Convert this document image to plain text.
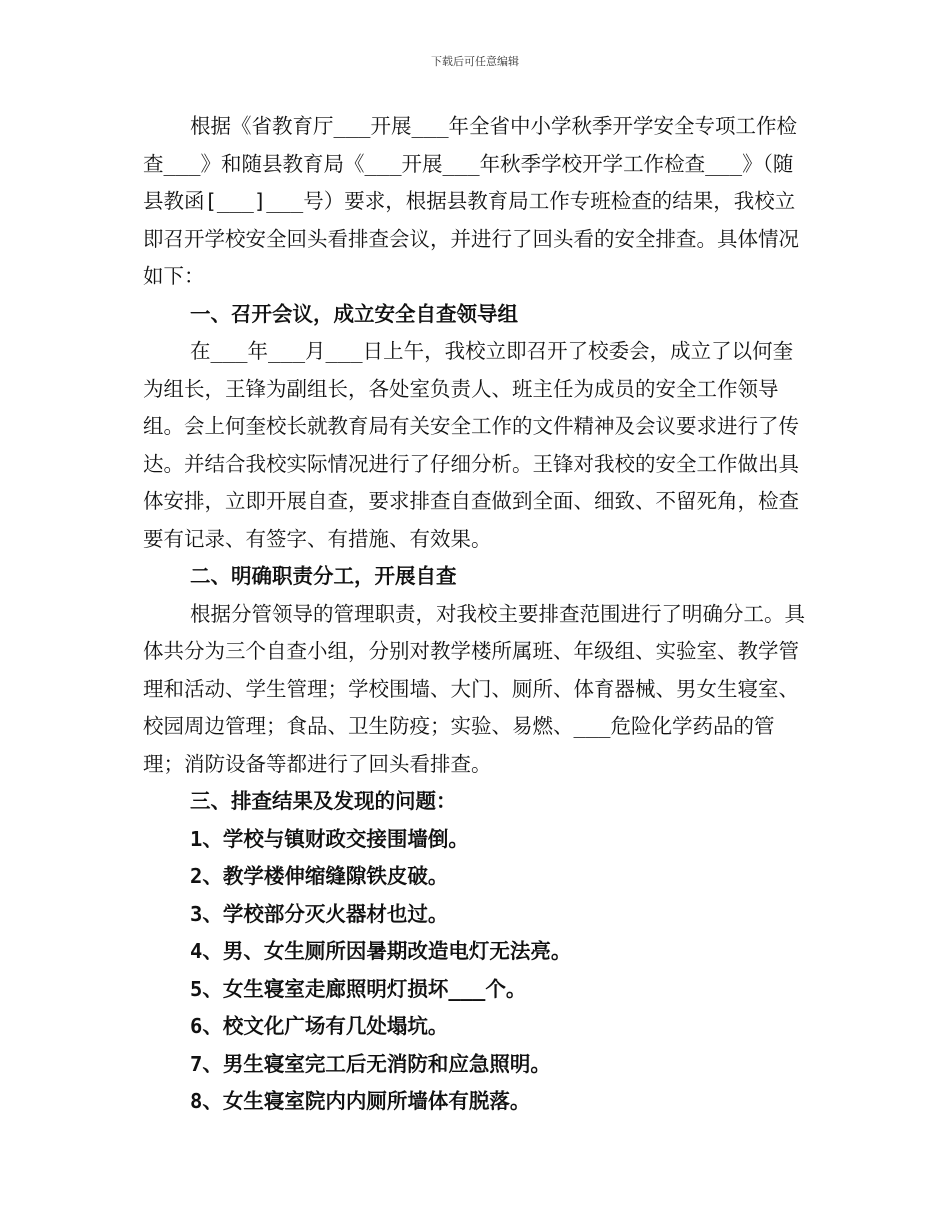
下载后可任意编辑

根据《省教育厅___开展___年全省中小学秋季开学安全专项工作检查___》和随县教育局《___开展___年秋季学校开学工作检查___》（随县教函[___]___号）要求，根据县教育局工作专班检查的结果，我校立即召开学校安全回头看排查会议，并进行了回头看的安全排查。具体情况如下：

一、召开会议，成立安全自查领导组

在___年___月___日上午，我校立即召开了校委会，成立了以何奎为组长，王锋为副组长，各处室负责人、班主任为成员的安全工作领导组。会上何奎校长就教育局有关安全工作的文件精神及会议要求进行了传达。并结合我校实际情况进行了仔细分析。王锋对我校的安全工作做出具体安排，立即开展自查，要求排查自查做到全面、细致、不留死角，检查要有记录、有签字、有措施、有效果。

二、明确职责分工，开展自查

根据分管领导的管理职责，对我校主要排查范围进行了明确分工。具体共分为三个自查小组，分别对教学楼所属班、年级组、实验室、教学管理和活动、学生管理；学校围墙、大门、厕所、体育器械、男女生寝室、校园周边管理；食品、卫生防疫；实验、易燃、___危险化学药品的管理；消防设备等都进行了回头看排查。

三、排查结果及发现的问题：

1、学校与镇财政交接围墙倒。

2、教学楼伸缩缝隙铁皮破。

3、学校部分灭火器材也过。

4、男、女生厕所因暑期改造电灯无法亮。

5、女生寝室走廊照明灯损坏___个。

6、校文化广场有几处塌坑。

7、男生寝室完工后无消防和应急照明。

8、女生寝室院内内厕所墙体有脱落。
